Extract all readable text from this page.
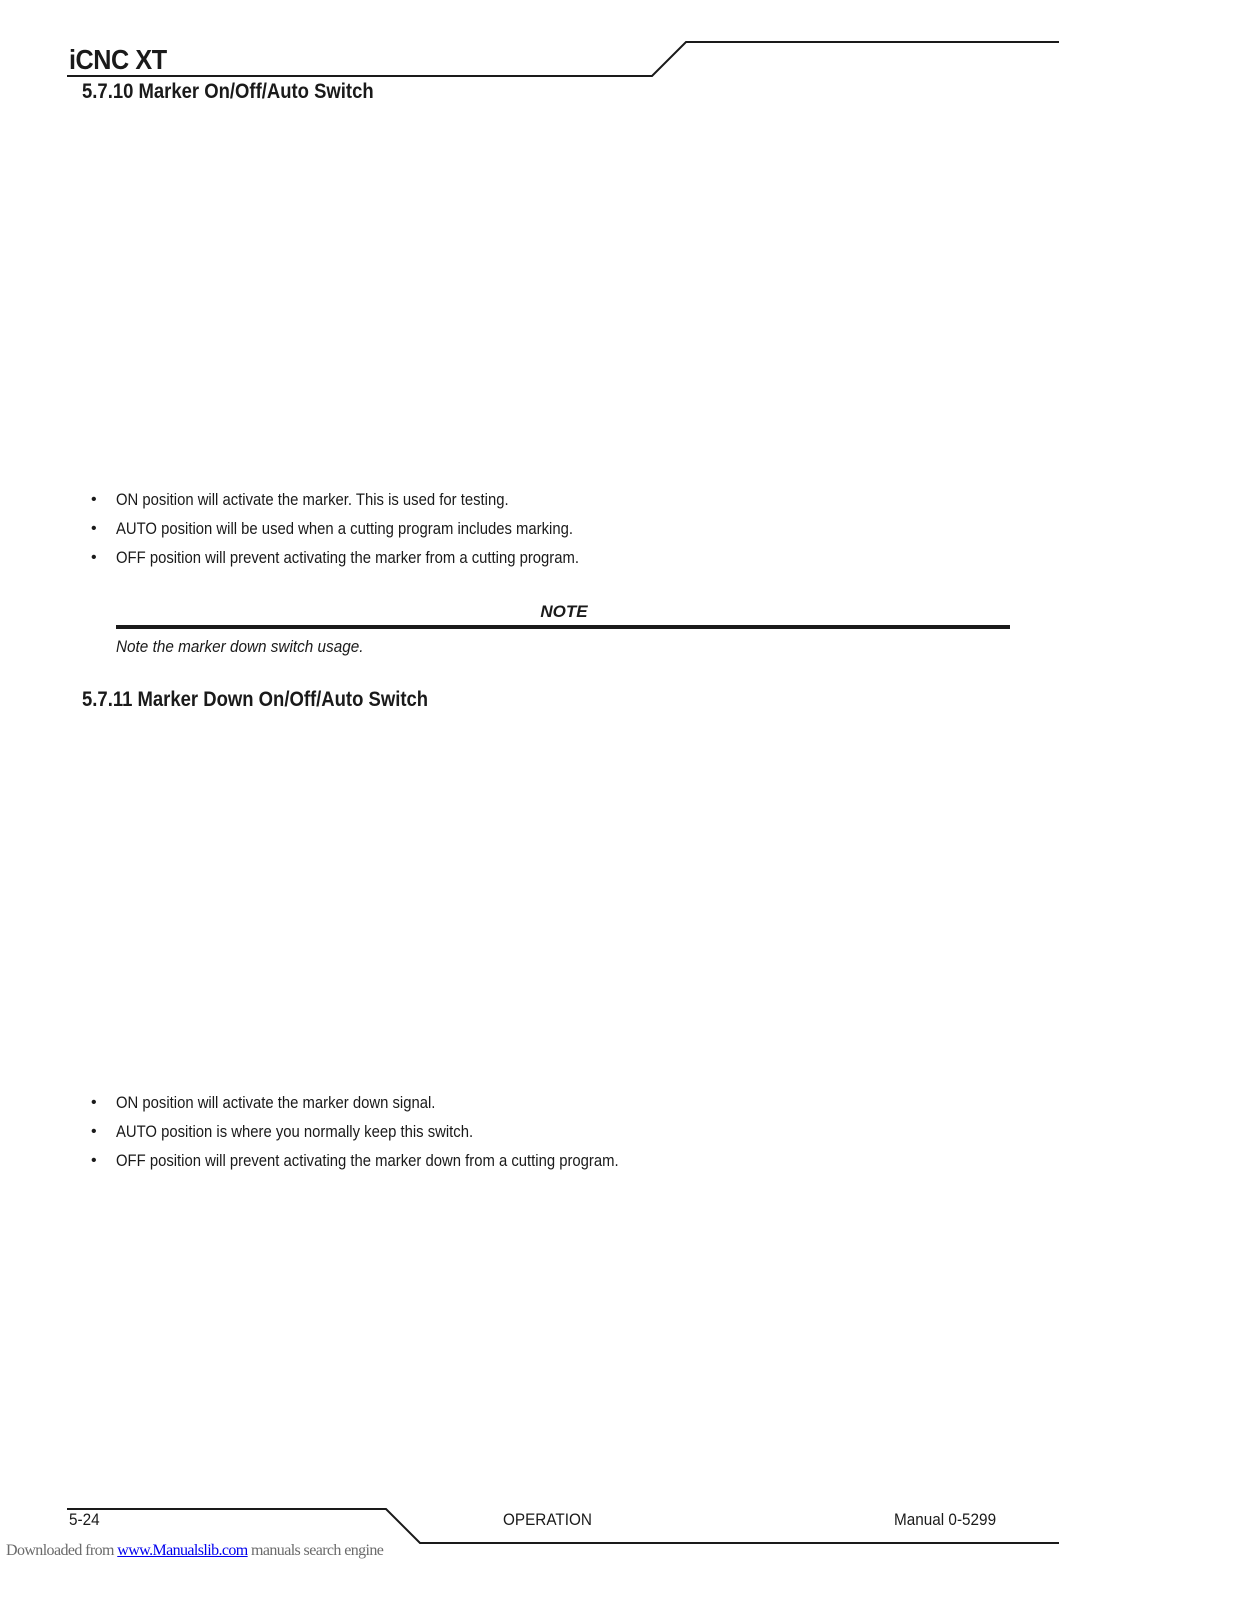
iCNC XT
5.7.10 Marker On/Off/Auto Switch
• ON position will activate the marker. This is used for testing.
• AUTO position will be used when a cutting program includes marking.
• OFF position will prevent activating the marker from a cutting program.
NOTE
Note the marker down switch usage.
5.7.11 Marker Down On/Off/Auto Switch
• ON position will activate the marker down signal.
• AUTO position is where you normally keep this switch.
• OFF position will prevent activating the marker down from a cutting program.
5-24	OPERATION	Manual 0-5299
Downloaded from www.Manualslib.com manuals search engine
